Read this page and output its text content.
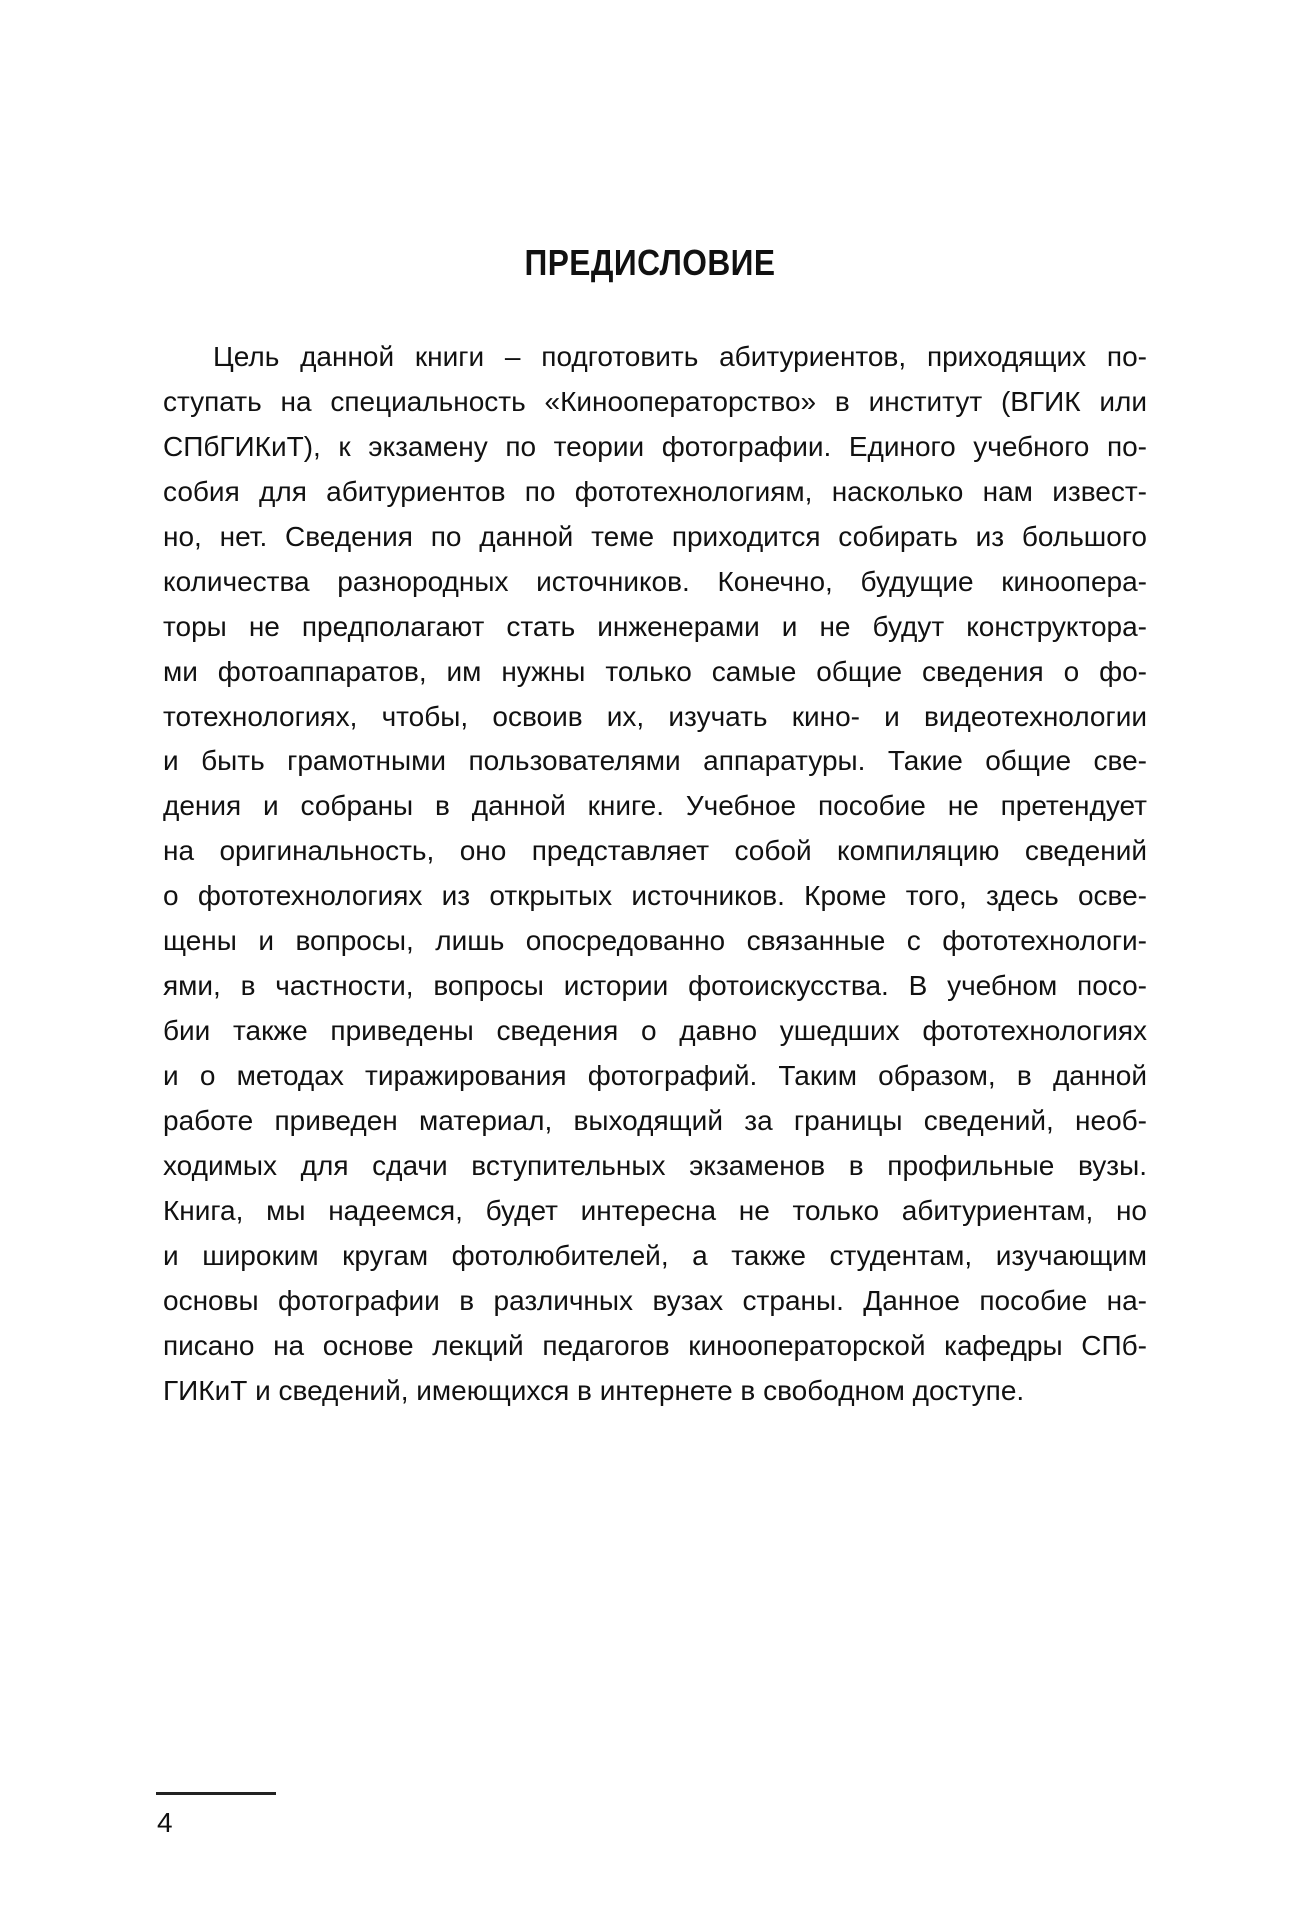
ПРЕДИСЛОВИЕ
Цель данной книги – подготовить абитуриентов, приходящих по-
ступать на специальность «Кинооператорство» в институт (ВГИК или
СПбГИКиТ), к экзамену по теории фотографии. Единого учебного по-
собия для абитуриентов по фототехнологиям, насколько нам извест-
но, нет. Сведения по данной теме приходится собирать из большого
количества разнородных источников. Конечно, будущие кинооперa-
торы не предполагают стать инженерами и не будут конструктора-
ми фотоаппаратов, им нужны только самые общие сведения о фо-
тотехнологиях, чтобы, освоив их, изучать кино- и видеотехнологии
и быть грамотными пользователями аппаратуры. Такие общие све-
дения и собраны в данной книге. Учебное пособие не претендует
на оригинальность, оно представляет собой компиляцию сведений
о фототехнологиях из открытых источников. Кроме того, здесь осве-
щены и вопросы, лишь опосредованно связанные с фототехнологи-
ями, в частности, вопросы истории фотоискусства. В учебном посо-
бии также приведены сведения о давно ушедших фототехнологиях
и о методах тиражирования фотографий. Таким образом, в данной
работе приведен материал, выходящий за границы сведений, необ-
ходимых для сдачи вступительных экзаменов в профильные вузы.
Книга, мы надеемся, будет интересна не только абитуриентам, но
и широким кругам фотолюбителей, а также студентам, изучающим
основы фотографии в различных вузах страны. Данное пособие на-
писано на основе лекций педагогов кинооператорской кафедры СПб-
ГИКиТ и сведений, имеющихся в интернете в свободном доступе.
4
